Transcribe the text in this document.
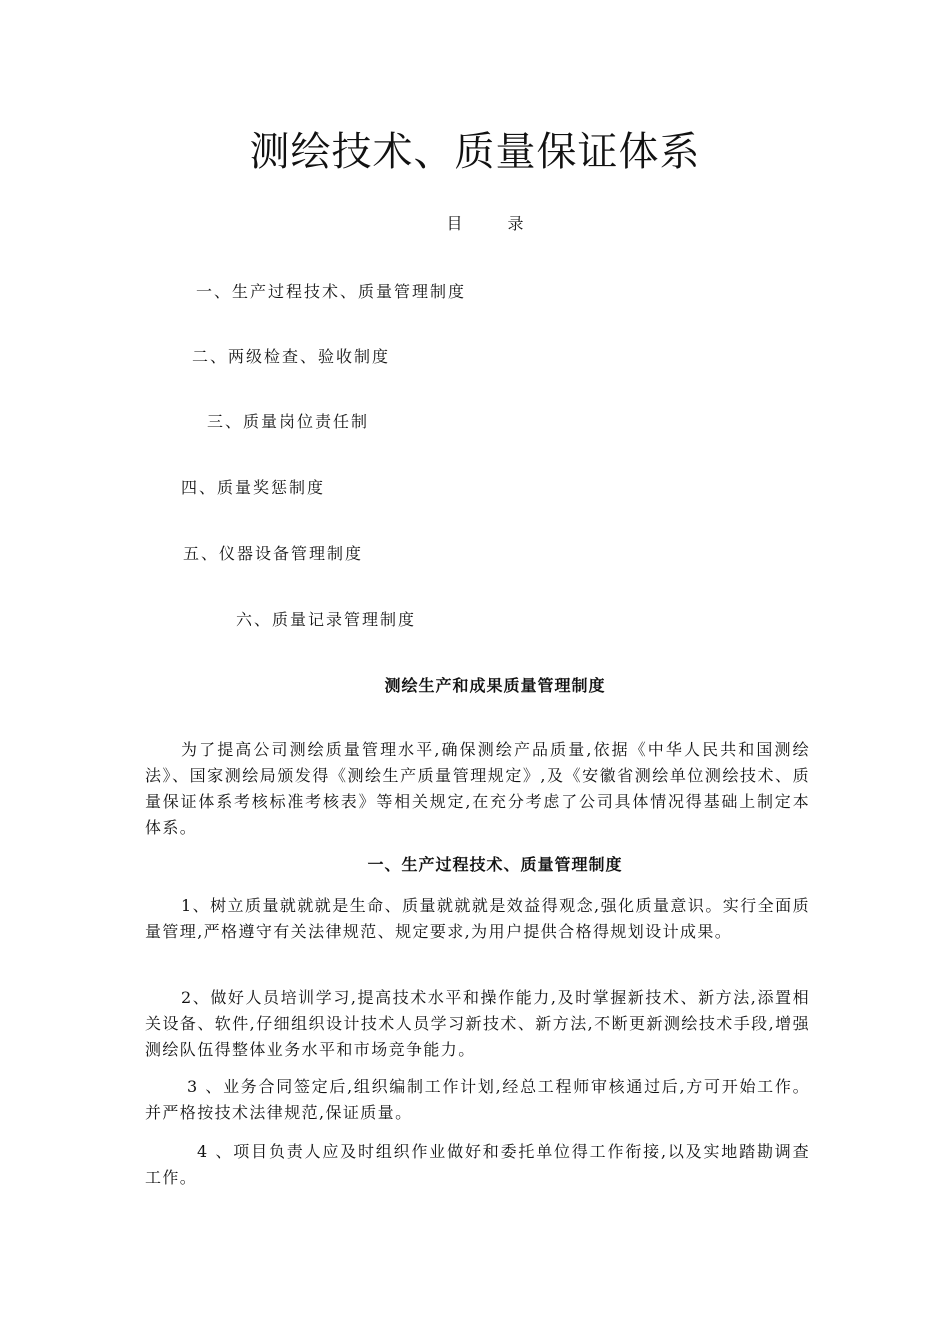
测绘技术、质量保证体系
目 录
一、生产过程技术、质量管理制度
二、两级检查、验收制度
三、质量岗位责任制
四、质量奖惩制度
五、仪器设备管理制度
六、质量记录管理制度
测绘生产和成果质量管理制度

为了提高公司测绘质量管理水平,确保测绘产品质量,依据《中华人民共和国测绘法》、国家测绘局颁发得《测绘生产质量管理规定》,及《安徽省测绘单位测绘技术、质量保证体系考核标准考核表》等相关规定,在充分考虑了公司具体情况得基础上制定本体系。

一、生产过程技术、质量管理制度

1、树立质量就就就是生命、质量就就就是效益得观念,强化质量意识。实行全面质量管理,严格遵守有关法律规范、规定要求,为用户提供合格得规划设计成果。

2、做好人员培训学习,提高技术水平和操作能力,及时掌握新技术、新方法,添置相关设备、软件,仔细组织设计技术人员学习新技术、新方法,不断更新测绘技术手段,增强测绘队伍得整体业务水平和市场竞争能力。

3 、业务合同签定后,组织编制工作计划,经总工程师审核通过后,方可开始工作。并严格按技术法律规范,保证质量。

4 、项目负责人应及时组织作业做好和委托单位得工作衔接,以及实地踏勘调查工作。
